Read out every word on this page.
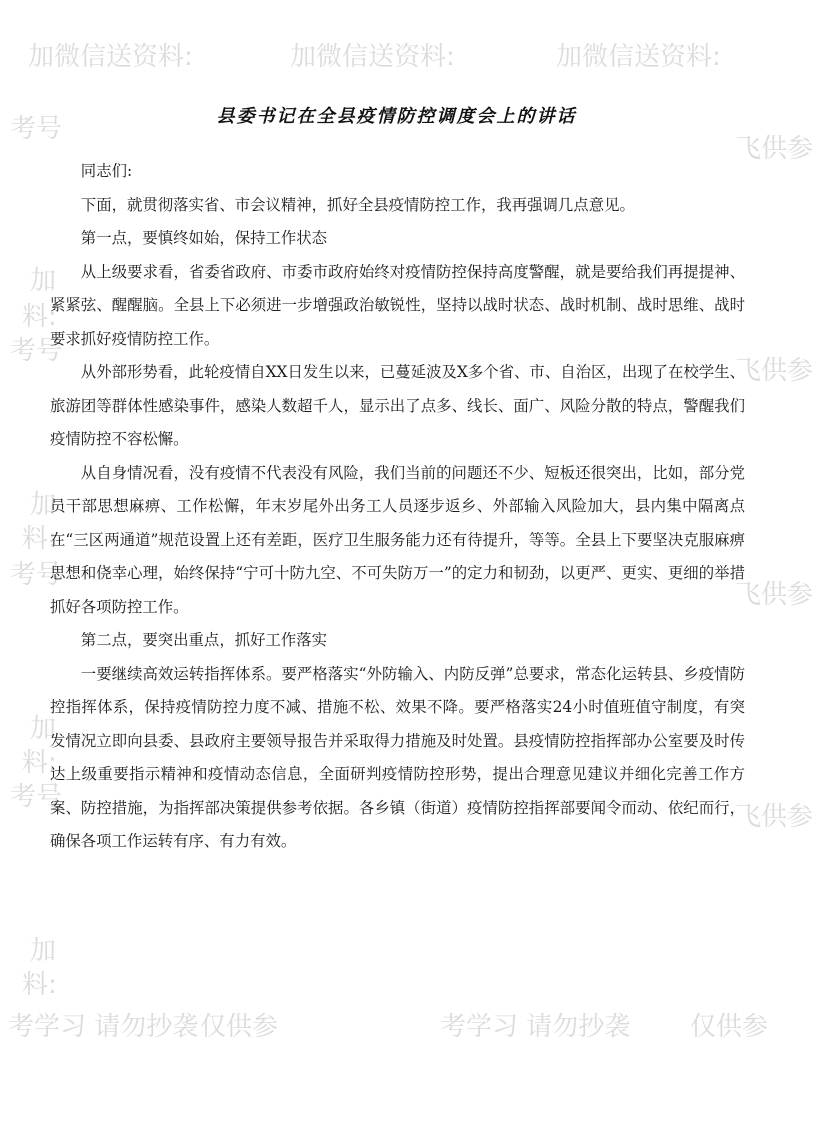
加微信送资料:	加微信送资料:	加微信送资料:
考号
飞供参
加
料:
考号
飞供参
加
料:
考号
飞供参
加
料:
考号
飞供参
加
料:
考学习 请勿抄袭 仅供参	考学习 请勿抄袭 仅供参
县委书记在全县疫情防控调度会上的讲话

同志们:

下面，就贯彻落实省、市会议精神，抓好全县疫情防控工作，我再强调几点意见。

第一点，要慎终如始，保持工作状态

从上级要求看，省委省政府、市委市政府始终对疫情防控保持高度警醒，就是要给我们再提提神、紧紧弦、醒醒脑。全县上下必须进一步增强政治敏锐性，坚持以战时状态、战时机制、战时思维、战时要求抓好疫情防控工作。

从外部形势看，此轮疫情自XX日发生以来，已蔓延波及X多个省、市、自治区，出现了在校学生、旅游团等群体性感染事件，感染人数超千人，显示出了点多、线长、面广、风险分散的特点，警醒我们疫情防控不容松懈。

从自身情况看，没有疫情不代表没有风险，我们当前的问题还不少、短板还很突出，比如，部分党员干部思想麻痹、工作松懈，年末岁尾外出务工人员逐步返乡、外部输入风险加大，县内集中隔离点在“三区两通道”规范设置上还有差距，医疗卫生服务能力还有待提升，等等。全县上下要坚决克服麻痹思想和侥幸心理，始终保持“宁可十防九空、不可失防万一”的定力和韧劲，以更严、更实、更细的举措抓好各项防控工作。

第二点，要突出重点，抓好工作落实

一要继续高效运转指挥体系。要严格落实“外防输入、内防反弹”总要求，常态化运转县、乡疫情防控指挥体系，保持疫情防控力度不减、措施不松、效果不降。要严格落实24小时值班值守制度，有突发情况立即向县委、县政府主要领导报告并采取得力措施及时处置。县疫情防控指挥部办公室要及时传达上级重要指示精神和疫情动态信息，全面研判疫情防控形势，提出合理意见建议并细化完善工作方案、防控措施，为指挥部决策提供参考依据。各乡镇（街道）疫情防控指挥部要闻令而动、依纪而行，确保各项工作运转有序、有力有效。
